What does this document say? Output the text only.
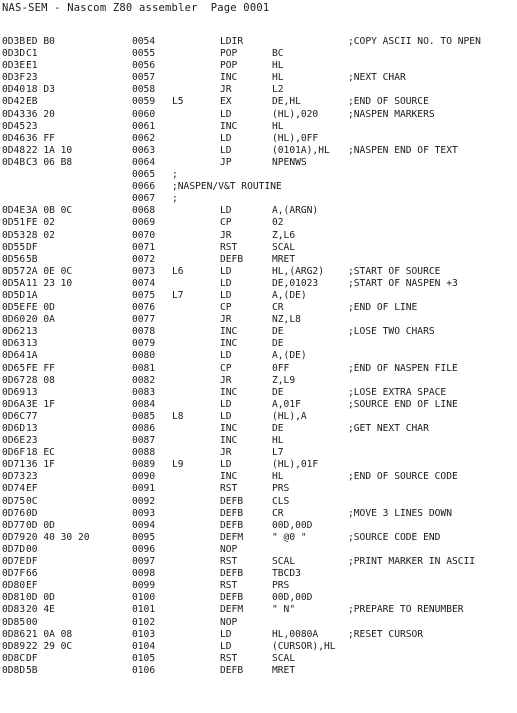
NAS-SEM - Nascom Z80 assembler  Page 0001
0D3B ED B0	0054	LDIR	;COPY ASCII NO. TO NPEN
0D3D C1	0055	POP	BC
0D3E E1	0056	POP	HL
0D3F 23	0057	INC	HL	;NEXT CHAR
0D40 18 D3	0058	JR	L2
0D42 EB	0059 L5	EX	DE,HL	;END OF SOURCE
0D43 36 20	0060	LD	(HL),020	;NASPEN MARKERS
0D45 23	0061	INC	HL
0D46 36 FF	0062	LD	(HL),0FF
0D48 22 1A 10	0063	LD	(0101A),HL ;NASPEN END OF TEXT
0D4B C3 06 B8	0064	JP	NPENWS
0065 ;
0066 ;NASPEN/V&T ROUTINE
0067 ;
0D4E 3A 0B 0C	0068	LD	A,(ARGN)
0D51 FE 02	0069	CP	02
0D53 28 02	0070	JR	Z,L6
0D55 DF	0071	RST	SCAL
0D56 5B	0072	DEFB	MRET
0D57 2A 0E 0C	0073 L6	LD	HL,(ARG2)	;START OF SOURCE
0D5A 11 23 10	0074	LD	DE,01023	;START OF NASPEN +3
0D5D 1A	0075 L7	LD	A,(DE)
0D5E FE 0D	0076	CP	CR	;END OF LINE
0D60 20 0A	0077	JR	NZ,L8
0D62 13	0078	INC	DE	;LOSE TWO CHARS
0D63 13	0079	INC	DE
0D64 1A	0080	LD	A,(DE)
0D65 FE FF	0081	CP	0FF	;END OF NASPEN FILE
0D67 28 08	0082	JR	Z,L9
0D69 13	0083	INC	DE	;LOSE EXTRA SPACE
0D6A 3E 1F	0084	LD	A,01F	;SOURCE END OF LINE
0D6C 77	0085 L8	LD	(HL),A
0D6D 13	0086	INC	DE	;GET NEXT CHAR
0D6E 23	0087	INC	HL
0D6F 18 EC	0088	JR	L7
0D71 36 1F	0089 L9	LD	(HL),01F
0D73 23	0090	INC	HL	;END OF SOURCE CODE
0D74 EF	0091	RST	PRS
0D75 0C	0092	DEFB	CLS
0D76 0D	0093	DEFB	CR	;MOVE 3 LINES DOWN
0D77 0D 0D	0094	DEFB	00D,00D
0D79 20 40 30 20	0095	DEFM	" @0 "	;SOURCE CODE END
0D7D 00	0096	NOP
0D7E DF	0097	RST	SCAL	;PRINT MARKER IN ASCII
0D7F 66	0098	DEFB	TBCD3
0D80 EF	0099	RST	PRS
0D81 0D 0D	0100	DEFB	00D,00D
0D83 20 4E	0101	DEFM	" N"	;PREPARE TO RENUMBER
0D85 00	0102	NOP
0D86 21 0A 08	0103	LD	HL,0080A	;RESET CURSOR
0D89 22 29 0C	0104	LD	(CURSOR),HL
0D8C DF	0105	RST	SCAL
0D8D 5B	0106	DEFB	MRET
